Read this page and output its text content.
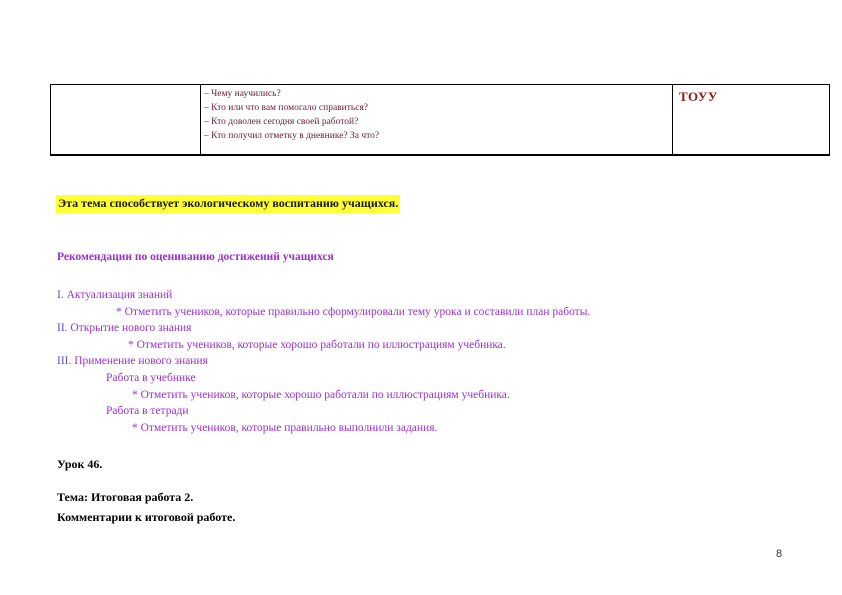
– Чему научились?
– Кто или что вам помогало справиться?
– Кто доволен сегодня своей работой?
– Кто получил отметку в дневнике? За что?
ТОУУ
Эта тема способствует экологическому воспитанию учащихся.
Рекомендации по оцениванию достижений учащихся
I. Актуализация знаний
* Отметить учеников, которые правильно сформулировали тему урока и составили план работы.
II. Открытие нового знания
* Отметить учеников, которые хорошо работали по иллюстрациям учебника.
III. Применение нового знания
Работа в учебнике
* Отметить учеников, которые хорошо работали по иллюстрациям учебника.
Работа в тетради
* Отметить учеников, которые правильно выполнили задания.
Урок 46.
Тема: Итоговая работа 2.
Комментарии к итоговой работе.
8
